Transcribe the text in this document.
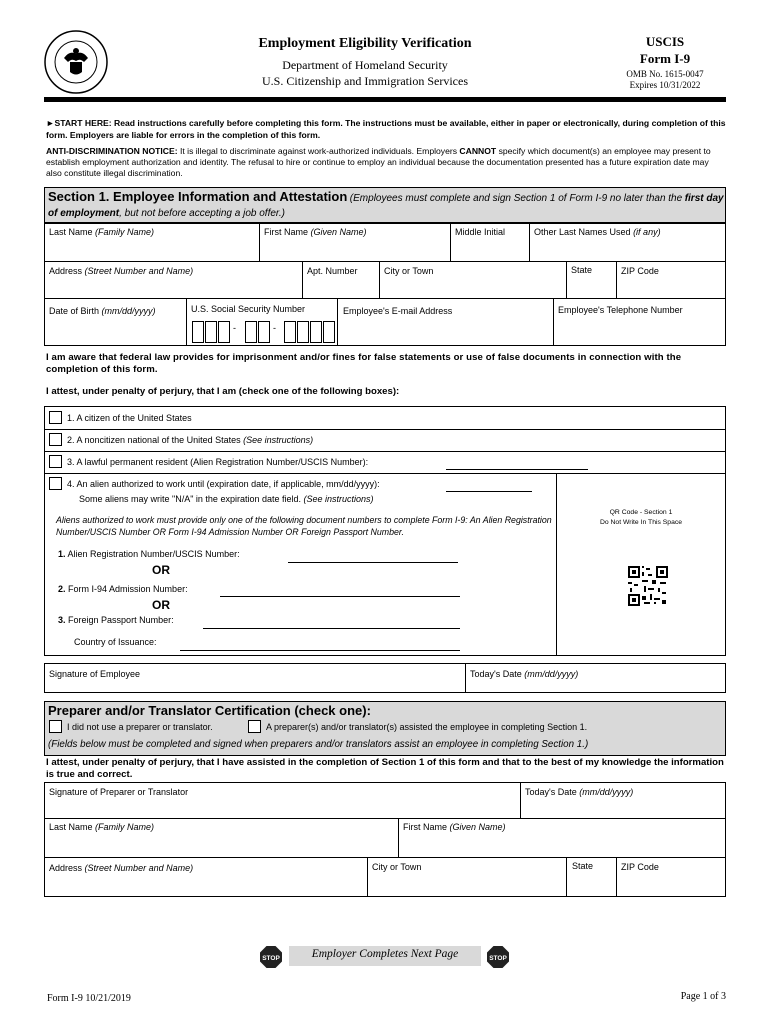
Employment Eligibility Verification
Department of Homeland Security
U.S. Citizenship and Immigration Services
USCIS
Form I-9
OMB No. 1615-0047
Expires 10/31/2022
►START HERE: Read instructions carefully before completing this form. The instructions must be available, either in paper or electronically, during completion of this form. Employers are liable for errors in the completion of this form.
ANTI-DISCRIMINATION NOTICE: It is illegal to discriminate against work-authorized individuals. Employers CANNOT specify which document(s) an employee may present to establish employment authorization and identity. The refusal to hire or continue to employ an individual because the documentation presented has a future expiration date may also constitute illegal discrimination.
Section 1. Employee Information and Attestation (Employees must complete and sign Section 1 of Form I-9 no later than the first day of employment, but not before accepting a job offer.)
Last Name (Family Name)	First Name (Given Name)	Middle Initial	Other Last Names Used (if any)
Address (Street Number and Name)	Apt. Number	City or Town	State	ZIP Code
Date of Birth (mm/dd/yyyy)	U.S. Social Security Number	Employee's E-mail Address	Employee's Telephone Number
-	-
I am aware that federal law provides for imprisonment and/or fines for false statements or use of false documents in connection with the completion of this form.
I attest, under penalty of perjury, that I am (check one of the following boxes):
1. A citizen of the United States
2. A noncitizen national of the United States (See instructions)
3. A lawful permanent resident (Alien Registration Number/USCIS Number):
4. An alien authorized to work until (expiration date, if applicable, mm/dd/yyyy):
Some aliens may write "N/A" in the expiration date field. (See instructions)
Aliens authorized to work must provide only one of the following document numbers to complete Form I-9: An Alien Registration Number/USCIS Number OR Form I-94 Admission Number OR Foreign Passport Number.
1. Alien Registration Number/USCIS Number:
OR
2. Form I-94 Admission Number:
OR
3. Foreign Passport Number:
Country of Issuance:
QR Code - Section 1
Do Not Write In This Space
Signature of Employee	Today's Date (mm/dd/yyyy)
Preparer and/or Translator Certification (check one):
I did not use a preparer or translator.	A preparer(s) and/or translator(s) assisted the employee in completing Section 1.
(Fields below must be completed and signed when preparers and/or translators assist an employee in completing Section 1.)
I attest, under penalty of perjury, that I have assisted in the completion of Section 1 of this form and that to the best of my knowledge the information is true and correct.
Signature of Preparer or Translator	Today's Date (mm/dd/yyyy)
Last Name (Family Name)	First Name (Given Name)
Address (Street Number and Name)	City or Town	State	ZIP Code
STOP	Employer Completes Next Page	STOP
Form I-9 10/21/2019	Page 1 of 3
